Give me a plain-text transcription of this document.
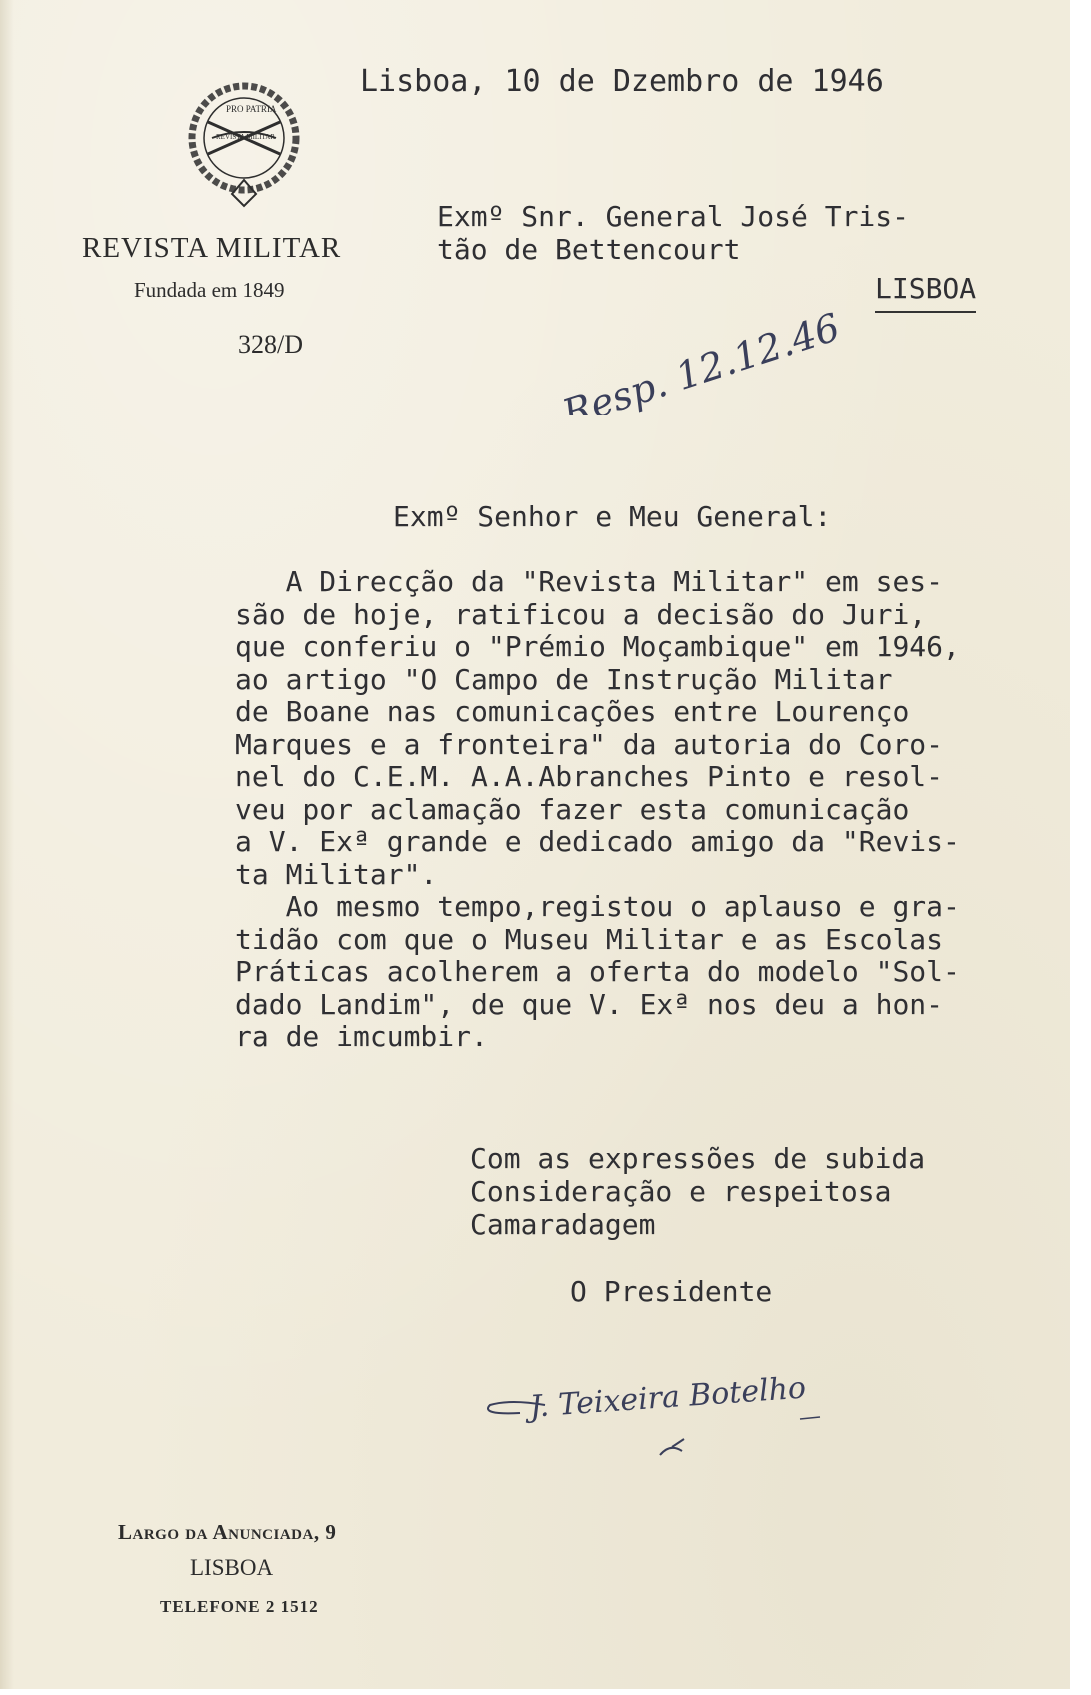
PRO PATRIA
REVISTA MILITAR
REVISTA MILITAR
Fundada em 1849
328/D
Lisboa, 10 de Dzembro de 1946
Exmº Snr. General José Tris-
tão de Bettencourt
LISBOA
Resp. 12.12.46
Exmº Senhor e Meu General:
A Direcção da "Revista Militar" em ses-
são de hoje, ratificou a decisão do Juri,
que conferiu o "Prémio Moçambique" em 1946,
ao artigo "O Campo de Instrução Militar
de Boane nas comunicações entre Lourenço
Marques e a fronteira" da autoria do Coro-
nel do C.E.M. A.A.Abranches Pinto e resol-
veu por aclamação fazer esta comunicação
a V. Exª grande e dedicado amigo da "Revis-
ta Militar".
Ao mesmo tempo,registou o aplauso e gra-
tidão com que o Museu Militar e as Escolas
Práticas acolherem a oferta do modelo "Sol-
dado Landim", de que V. Exª nos deu a hon-
ra de imcumbir.
Com as expressões de subida
Consideração e respeitosa
Camaradagem
O Presidente
J. Teixeira Botelho
Largo da Anunciada, 9
LISBOA
TELEFONE 2 1512
